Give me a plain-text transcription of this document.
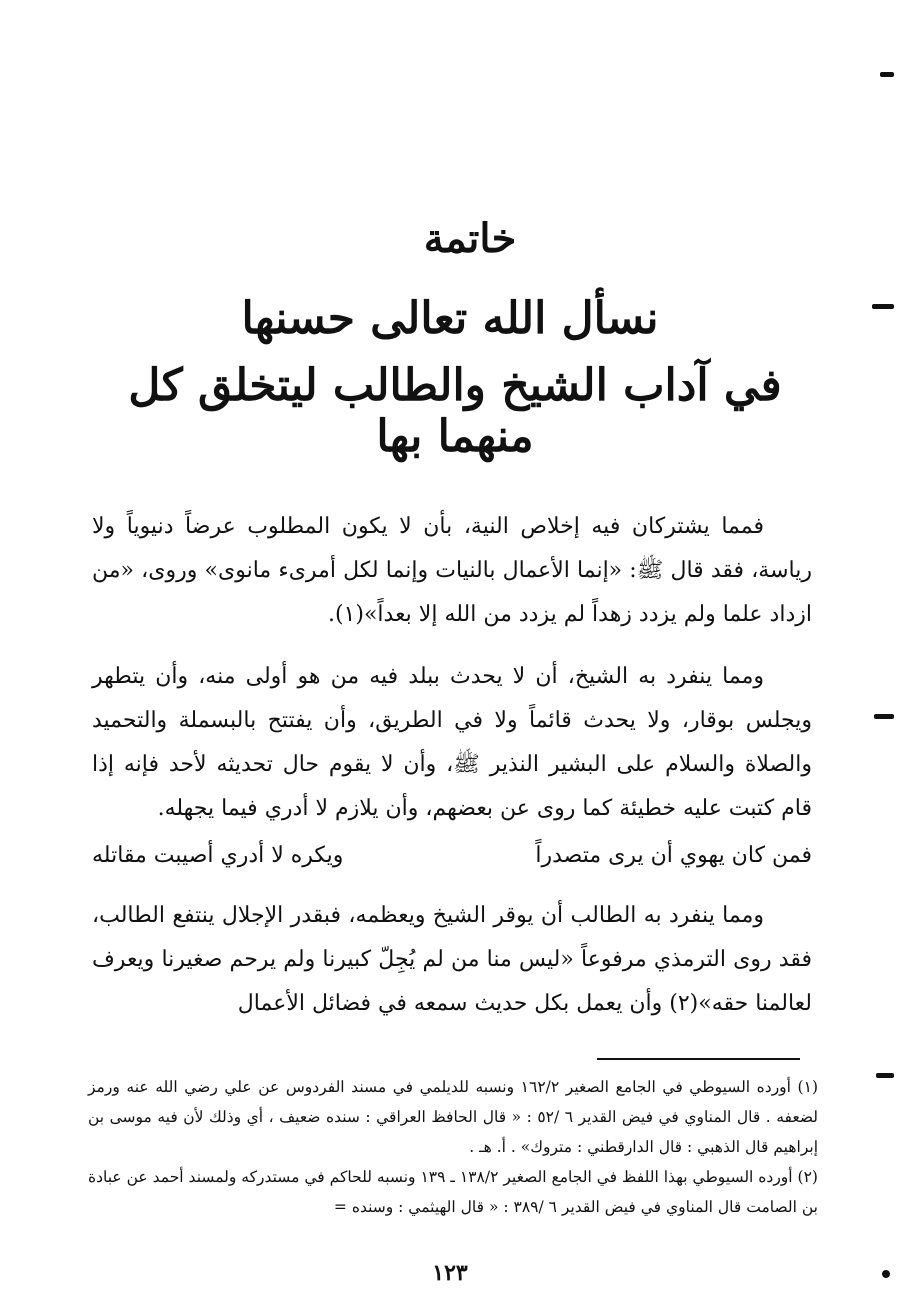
خاتمة
نسأل الله تعالى حسنها
في آداب الشيخ والطالب ليتخلق كل منهما بها

فمما يشتركان فيه إخلاص النية، بأن لا يكون المطلوب عرضاً دنيوياً ولا رياسة، فقد قال ﷺ: «إنما الأعمال بالنيات وإنما لكل أمرىء مانوى» وروى، «من ازداد علما ولم يزدد زهداً لم يزدد من الله إلا بعداً»(١).

ومما ينفرد به الشيخ، أن لا يحدث ببلد فيه من هو أولى منه، وأن يتطهر ويجلس بوقار، ولا يحدث قائماً ولا في الطريق، وأن يفتتح بالبسملة والتحميد والصلاة والسلام على البشير النذير ﷺ، وأن لا يقوم حال تحديثه لأحد فإنه إذا قام كتبت عليه خطيئة كما روى عن بعضهم، وأن يلازم لا أدري فيما يجهله.

فمن كان يهوي أن يرى متصدراً
ويكره لا أدري أصيبت مقاتله

ومما ينفرد به الطالب أن يوقر الشيخ ويعظمه، فبقدر الإجلال ينتفع الطالب، فقد روى الترمذي مرفوعاً «ليس منا من لم يُجِلّ كبيرنا ولم يرحم صغيرنا ويعرف لعالمنا حقه»(٢) وأن يعمل بكل حديث سمعه في فضائل الأعمال

(١) أورده السيوطي في الجامع الصغير ١٦٢/٢ ونسبه للديلمي في مسند الفردوس عن علي رضي الله عنه ورمز لضعفه . قال المناوي في فيض القدير ٦ /٥٢ : « قال الحافظ العراقي : سنده ضعيف ، أي وذلك لأن فيه موسى بن إبراهيم قال الذهبي : قال الدارقطني : متروك» . أ. هـ .

(٢) أورده السيوطي بهذا اللفظ في الجامع الصغير ١٣٨/٢ ـ ١٣٩ ونسبه للحاكم في مستدركه ولمسند أحمد عن عبادة بن الصامت قال المناوي في فيض القدير ٦ /٣٨٩ : « قال الهيثمي : وسنده =

١٢٣
